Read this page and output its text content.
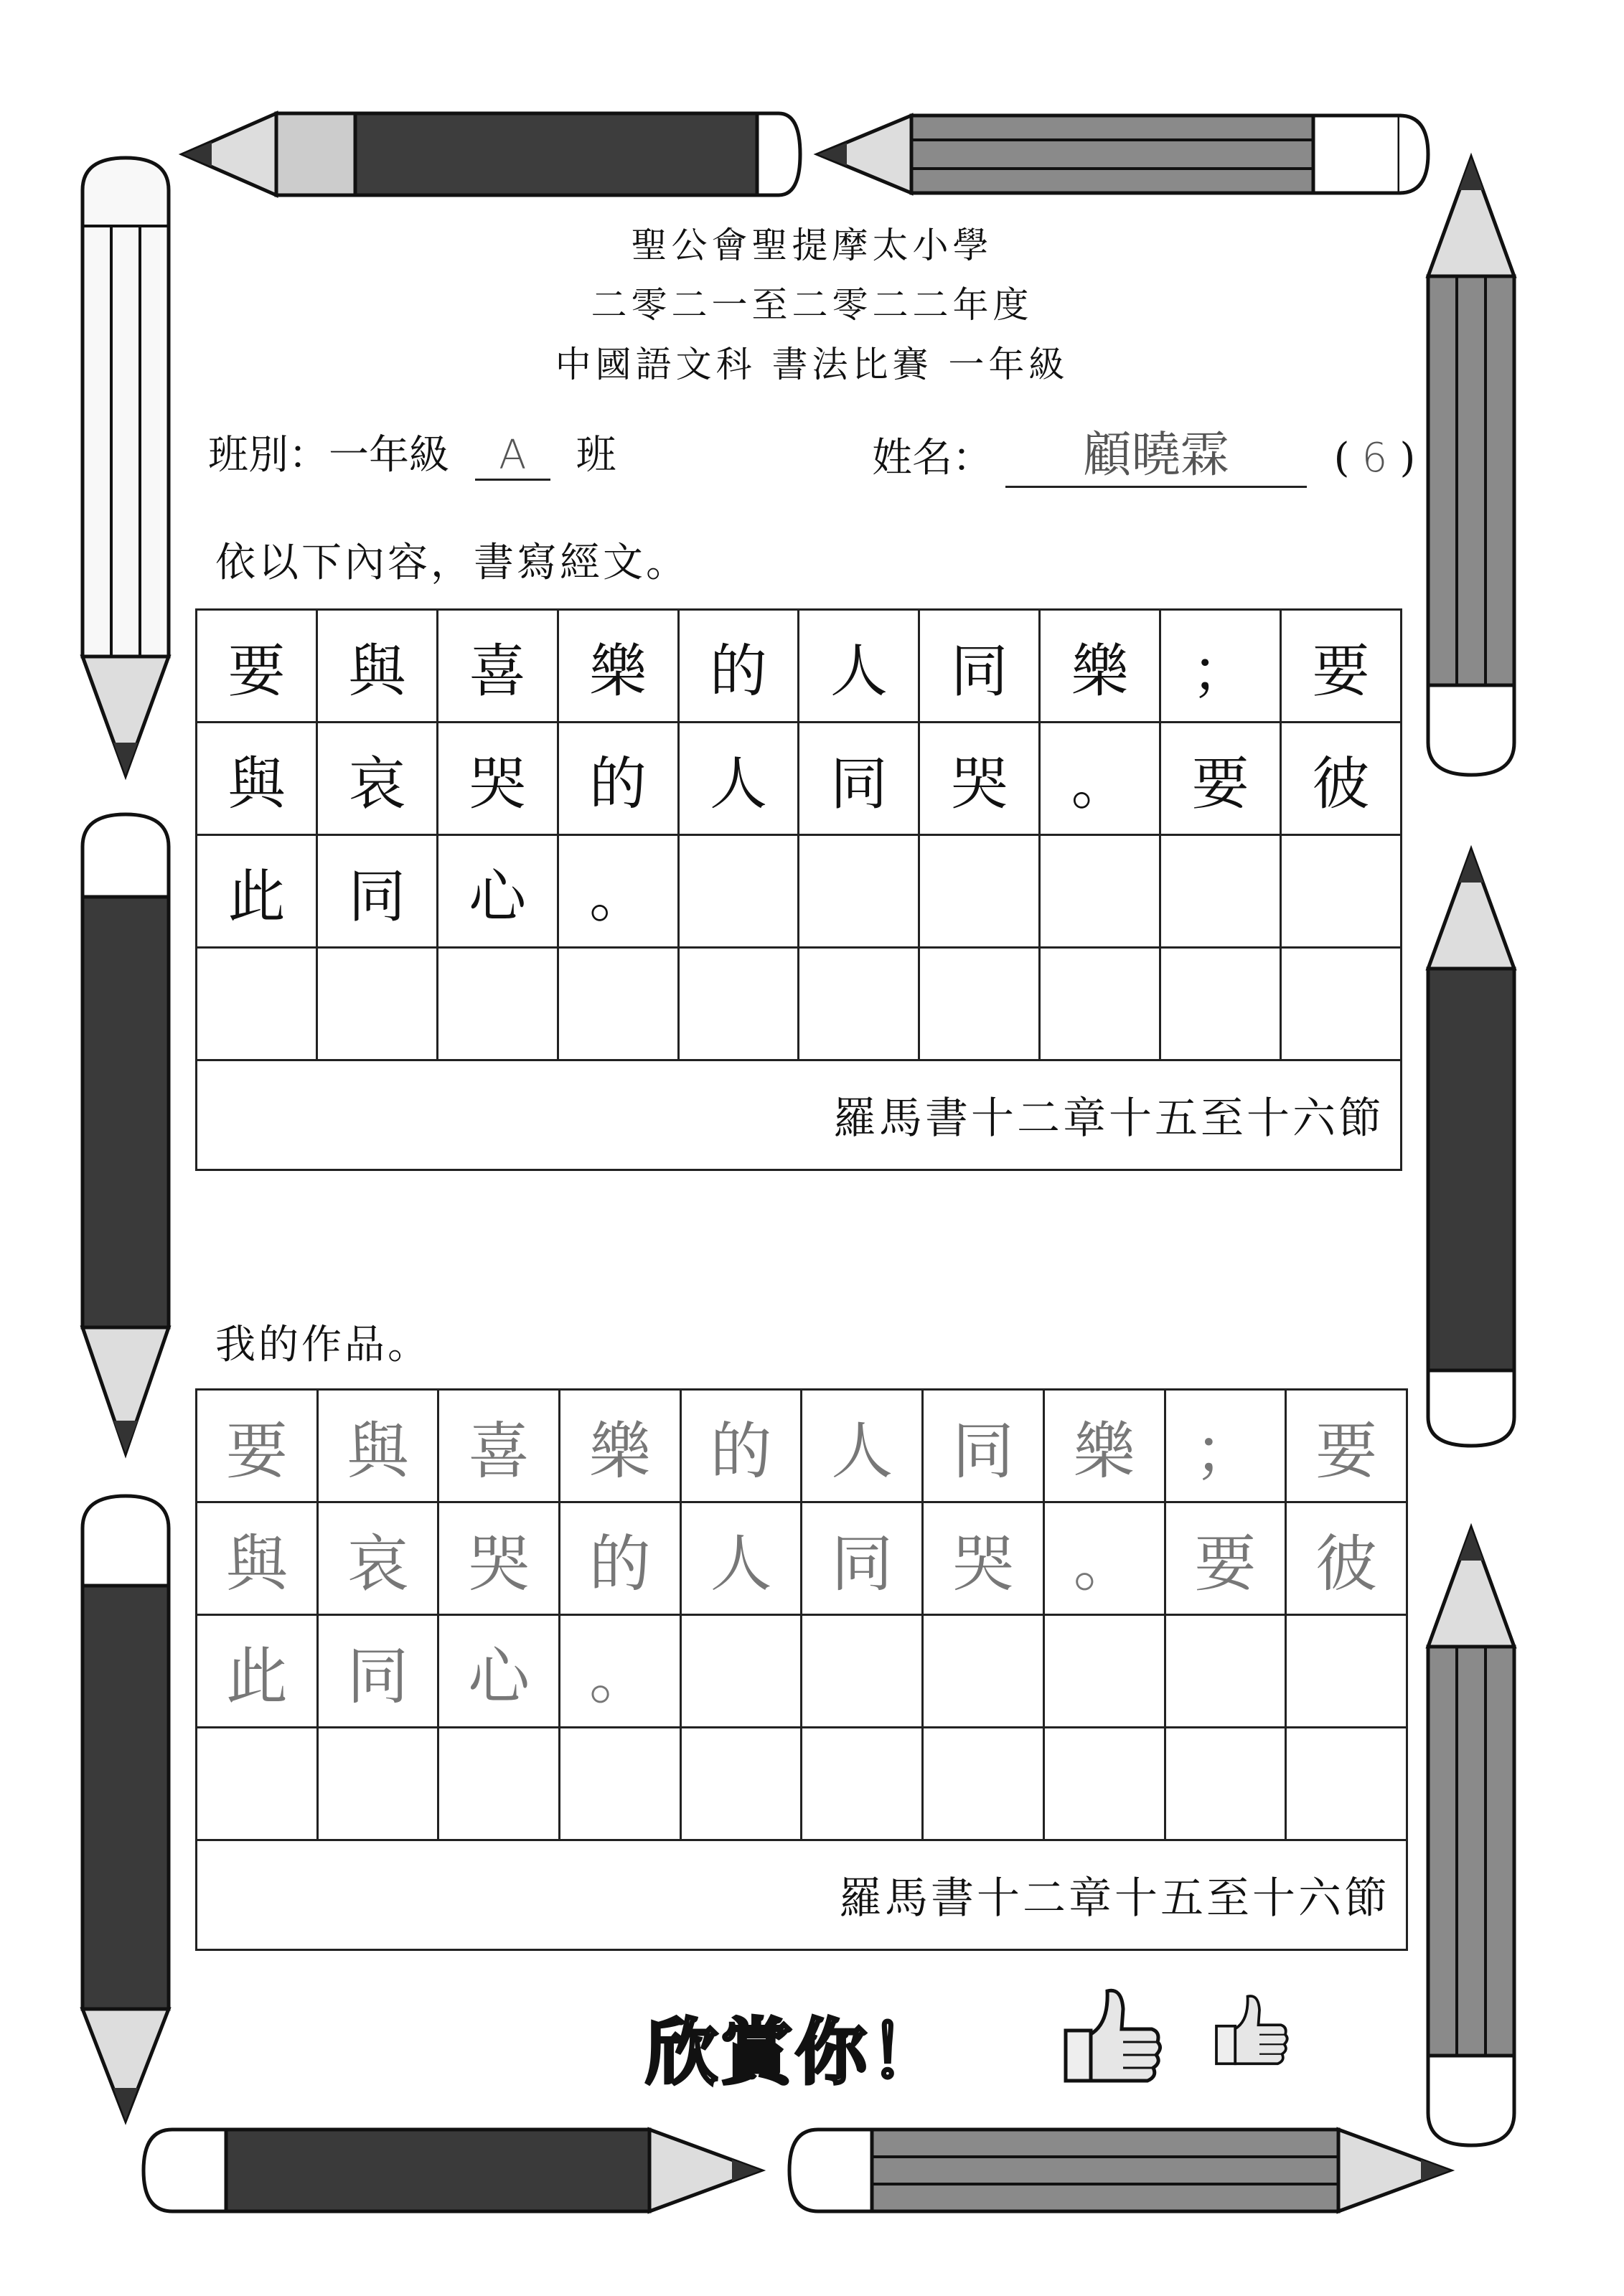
聖公會聖提摩太小學
二零二一至二零二二年度
中國語文科 書法比賽 一年級
班別：一年級 A 班	姓名： 顧曉霖	( 6 )
依以下內容，書寫經文。
要	與	喜	樂	的	人	同	樂	；	要
與	哀	哭	的	人	同	哭	。	要	彼
此	同	心	。						

羅馬書十二章十五至十六節									
我的作品。
要	與	喜	樂	的	人	同	樂	；	要
與	哀	哭	的	人	同	哭	。	要	彼
此	同	心	。						

羅馬書十二章十五至十六節									
欣賞你！
